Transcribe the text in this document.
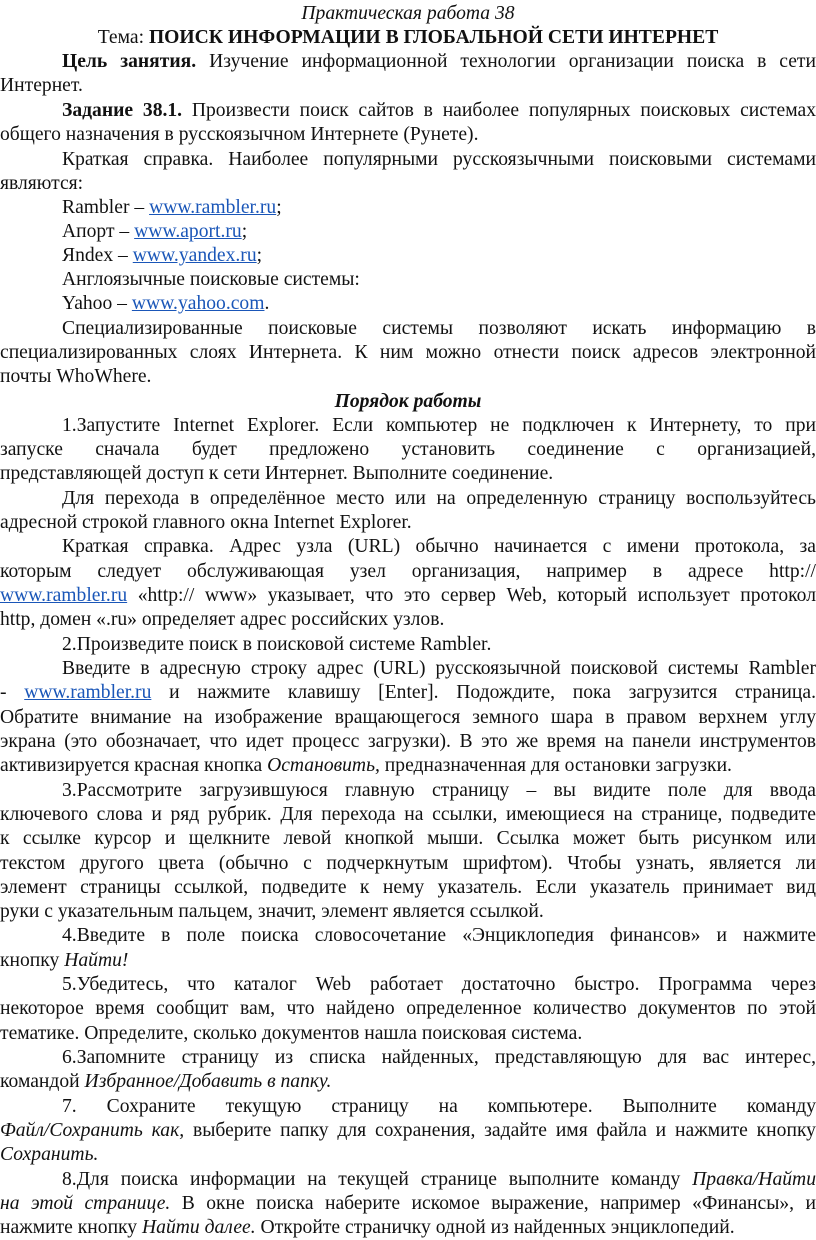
Практическая работа 38
Тема: ПОИСК ИНФОРМАЦИИ В ГЛОБАЛЬНОЙ СЕТИ ИНТЕРНЕТ
Цель занятия. Изучение информационной технологии организации поиска в сети
Интернет.
Задание 38.1. Произвести поиск сайтов в наиболее популярных поисковых системах
общего назначения в русскоязычном Интернете (Рунете).
Краткая справка. Наиболее популярными русскоязычными поисковыми системами
являются:
Rambler – www.rambler.ru;
Апорт – www.aport.ru;
Яndex – www.yandex.ru;
Англоязычные поисковые системы:
Yahoo – www.yahoo.com.
Специализированные поисковые системы позволяют искать информацию в
специализированных слоях Интернета. К ним можно отнести поиск адресов электронной
почты WhoWhere.
Порядок работы
1.Запустите Internet Explorer. Если компьютер не подключен к Интернету, то при
запуске сначала будет предложено установить соединение с организацией,
представляющей доступ к сети Интернет. Выполните соединение.
Для перехода в определённое место или на определенную страницу воспользуйтесь
адресной строкой главного окна Internet Explorer.
Краткая справка. Адрес узла (URL) обычно начинается с имени протокола, за
которым следует обслуживающая узел организация, например в адресе http://
www.rambler.ru «http:// www» указывает, что это сервер Web, который использует протокол
http, домен «.ru» определяет адрес российских узлов.
2.Произведите поиск в поисковой системе Rambler.
Введите в адресную строку адрес (URL) русскоязычной поисковой системы Rambler
- www.rambler.ru и нажмите клавишу [Enter]. Подождите, пока загрузится страница.
Обратите внимание на изображение вращающегося земного шара в правом верхнем углу
экрана (это обозначает, что идет процесс загрузки). В это же время на панели инструментов
активизируется красная кнопка Остановить, предназначенная для остановки загрузки.
3.Рассмотрите загрузившуюся главную страницу – вы видите поле для ввода
ключевого слова и ряд рубрик. Для перехода на ссылки, имеющиеся на странице, подведите
к ссылке курсор и щелкните левой кнопкой мыши. Ссылка может быть рисунком или
текстом другого цвета (обычно с подчеркнутым шрифтом). Чтобы узнать, является ли
элемент страницы ссылкой, подведите к нему указатель. Если указатель принимает вид
руки с указательным пальцем, значит, элемент является ссылкой.
4.Введите в поле поиска словосочетание «Энциклопедия финансов» и нажмите
кнопку Найти!
5.Убедитесь, что каталог Web работает достаточно быстро. Программа через
некоторое время сообщит вам, что найдено определенное количество документов по этой
тематике. Определите, сколько документов нашла поисковая система.
6.Запомните страницу из списка найденных, представляющую для вас интерес,
командой Избранное/Добавить в папку.
7. Сохраните текущую страницу на компьютере. Выполните команду
Файл/Сохранить как, выберите папку для сохранения, задайте имя файла и нажмите кнопку
Сохранить.
8.Для поиска информации на текущей странице выполните команду Правка/Найти
на этой странице. В окне поиска наберите искомое выражение, например «Финансы», и
нажмите кнопку Найти далее. Откройте страничку одной из найденных энциклопедий.
